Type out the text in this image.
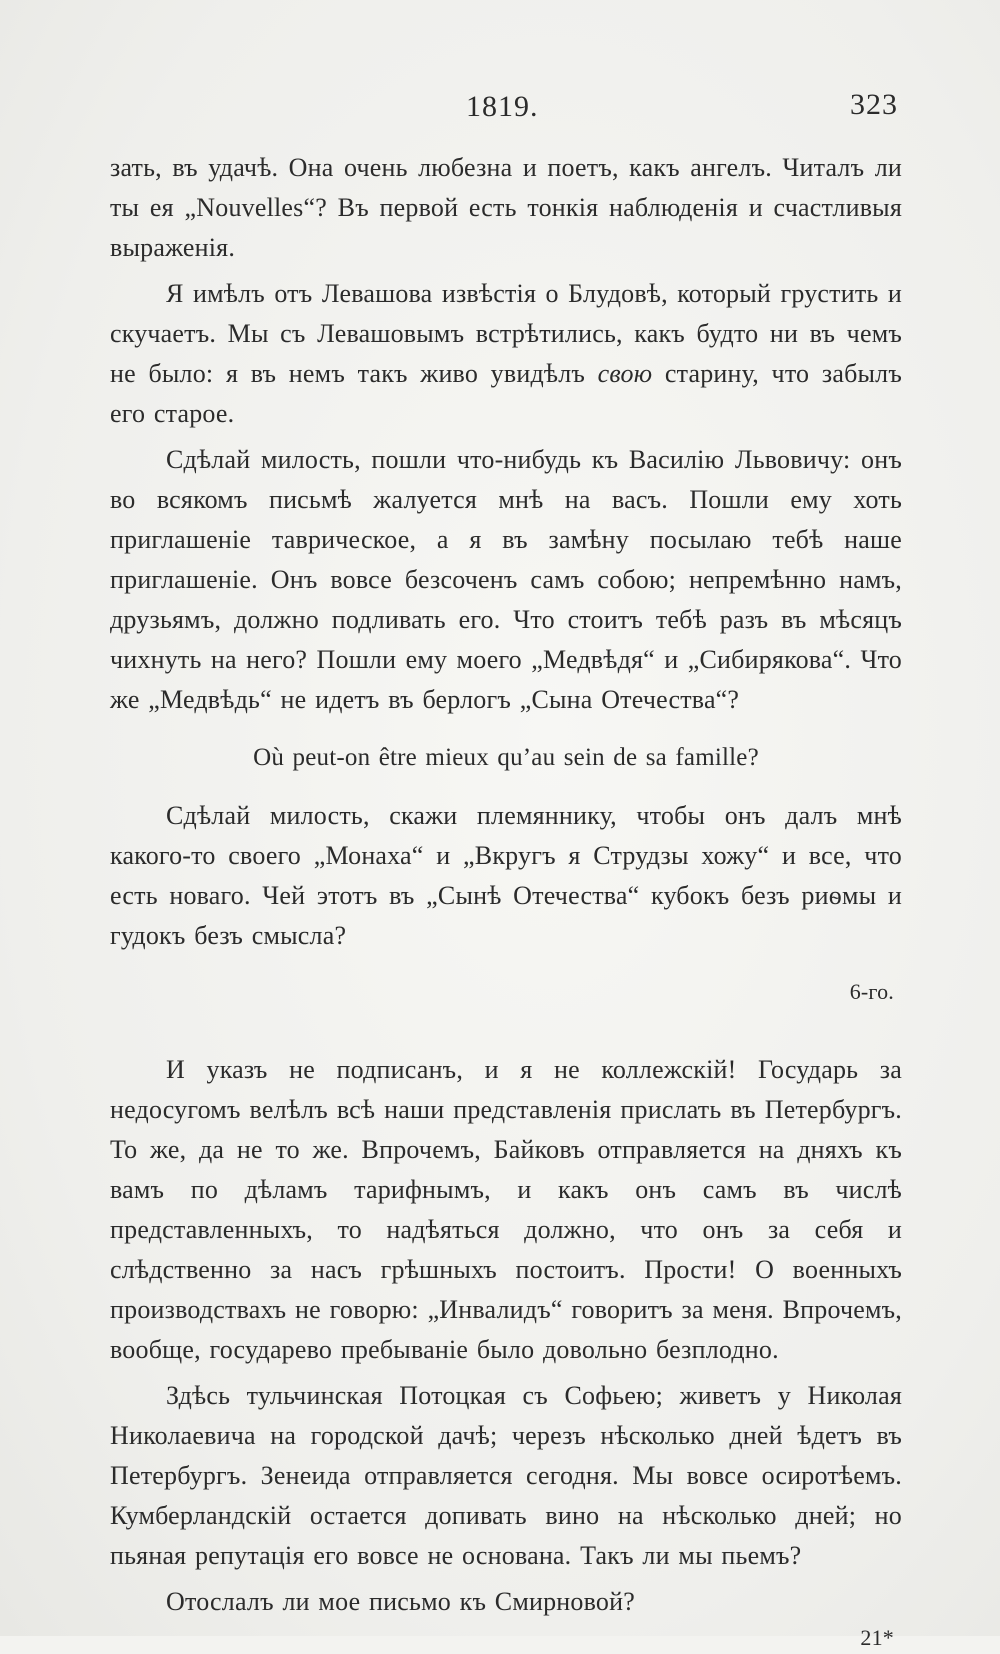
1819.	323

зать, въ удачѣ. Она очень любезна и поетъ, какъ ангелъ. Читалъ ли ты ея „Nouvelles“? Въ первой есть тонкія наблюденія и счастливыя выраженія.

Я имѣлъ отъ Левашова извѣстія о Блудовѣ, который грустить и скучаетъ. Мы съ Левашовымъ встрѣтились, какъ будто ни въ чемъ не было: я въ немъ такъ живо увидѣлъ свою старину, что забылъ его старое.

Сдѣлай милость, пошли что-нибудь къ Василію Львовичу: онъ во всякомъ письмѣ жалуется мнѣ на васъ. Пошли ему хоть приглашеніе таврическое, а я въ замѣну посылаю тебѣ наше приглашеніе. Онъ вовсе безсоченъ самъ собою; непремѣнно намъ, друзьямъ, должно подливать его. Что стоитъ тебѣ разъ въ мѣсяцъ чихнуть на него? Пошли ему моего „Медвѣдя“ и „Сибирякова“. Что же „Медвѣдь“ не идетъ въ берлогъ „Сына Отечества“?

Où peut-on être mieux qu’au sein de sa famille?

Сдѣлай милость, скажи племяннику, чтобы онъ далъ мнѣ какого-то своего „Монаха“ и „Вкругъ я Струдзы хожу“ и все, что есть новаго. Чей этотъ въ „Сынѣ Отечества“ кубокъ безъ риѳмы и гудокъ безъ смысла?

6-го.

И указъ не подписанъ, и я не коллежскій! Государь за недосугомъ велѣлъ всѣ наши представленія прислать въ Петербургъ. То же, да не то же. Впрочемъ, Байковъ отправляется на дняхъ къ вамъ по дѣламъ тарифнымъ, и какъ онъ самъ въ числѣ представленныхъ, то надѣяться должно, что онъ за себя и слѣдственно за насъ грѣшныхъ постоитъ. Прости! О военныхъ производствахъ не говорю: „Инвалидъ“ говоритъ за меня. Впрочемъ, вообще, государево пребываніе было довольно безплодно.

Здѣсь тульчинская Потоцкая съ Софьею; живетъ у Николая Николаевича на городской дачѣ; черезъ нѣсколько дней ѣдетъ въ Петербургъ. Зенеида отправляется сегодня. Мы вовсе осиротѣемъ. Кумберландскій остается допивать вино на нѣсколько дней; но пьяная репутація его вовсе не основана. Такъ ли мы пьемъ?

Отослалъ ли мое письмо къ Смирновой?

21*
